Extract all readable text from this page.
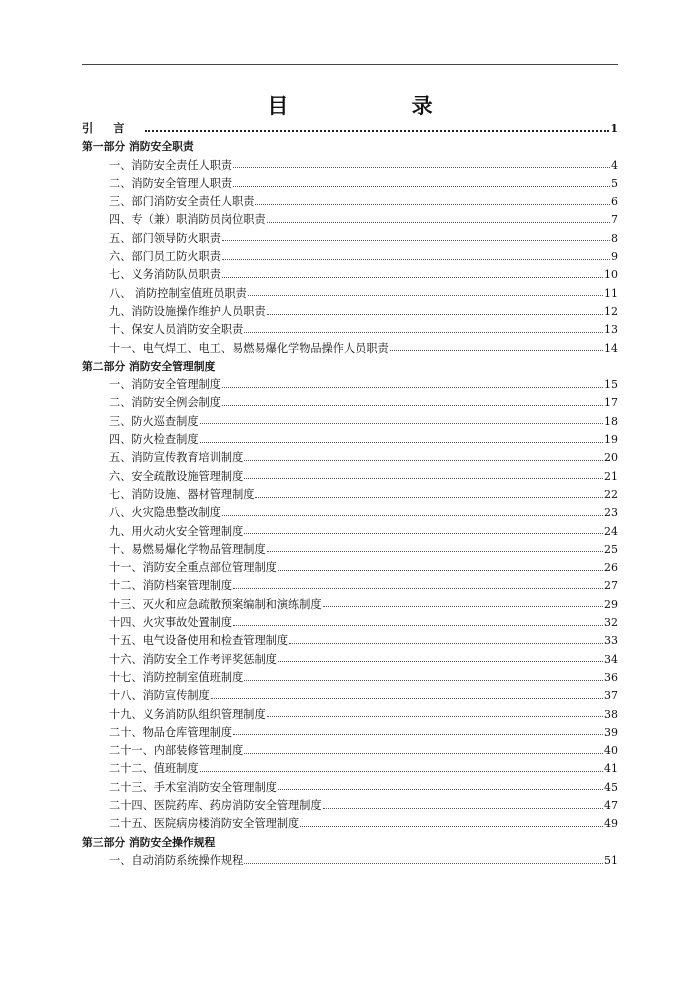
目 录
引言	1
第一部分 消防安全职责
一、消防安全责任人职责	4
二、消防安全管理人职责	5
三、部门消防安全责任人职责	6
四、专（兼）职消防员岗位职责	7
五、部门领导防火职责	8
六、部门员工防火职责	9
七、义务消防队员职责	10
八、 消防控制室值班员职责	11
九、消防设施操作维护人员职责	12
十、保安人员消防安全职责	13
十一、电气焊工、电工、易燃易爆化学物品操作人员职责	14
第二部分 消防安全管理制度
一、消防安全管理制度	15
二、消防安全例会制度	17
三、防火巡查制度	18
四、防火检查制度	19
五、消防宣传教育培训制度	20
六、安全疏散设施管理制度	21
七、消防设施、器材管理制度	22
八、火灾隐患整改制度	23
九、用火动火安全管理制度	24
十、易燃易爆化学物品管理制度	25
十一、消防安全重点部位管理制度	26
十二、消防档案管理制度	27
十三、灭火和应急疏散预案编制和演练制度	29
十四、火灾事故处置制度	32
十五、电气设备使用和检查管理制度	33
十六、消防安全工作考评奖惩制度	34
十七、消防控制室值班制度	36
十八、消防宣传制度	37
十九、义务消防队组织管理制度	38
二十、物品仓库管理制度	39
二十一、内部装修管理制度	40
二十二、值班制度	41
二十三、手术室消防安全管理制度	45
二十四、医院药库、药房消防安全管理制度	47
二十五、医院病房楼消防安全管理制度	49
第三部分 消防安全操作规程
一、自动消防系统操作规程	51
